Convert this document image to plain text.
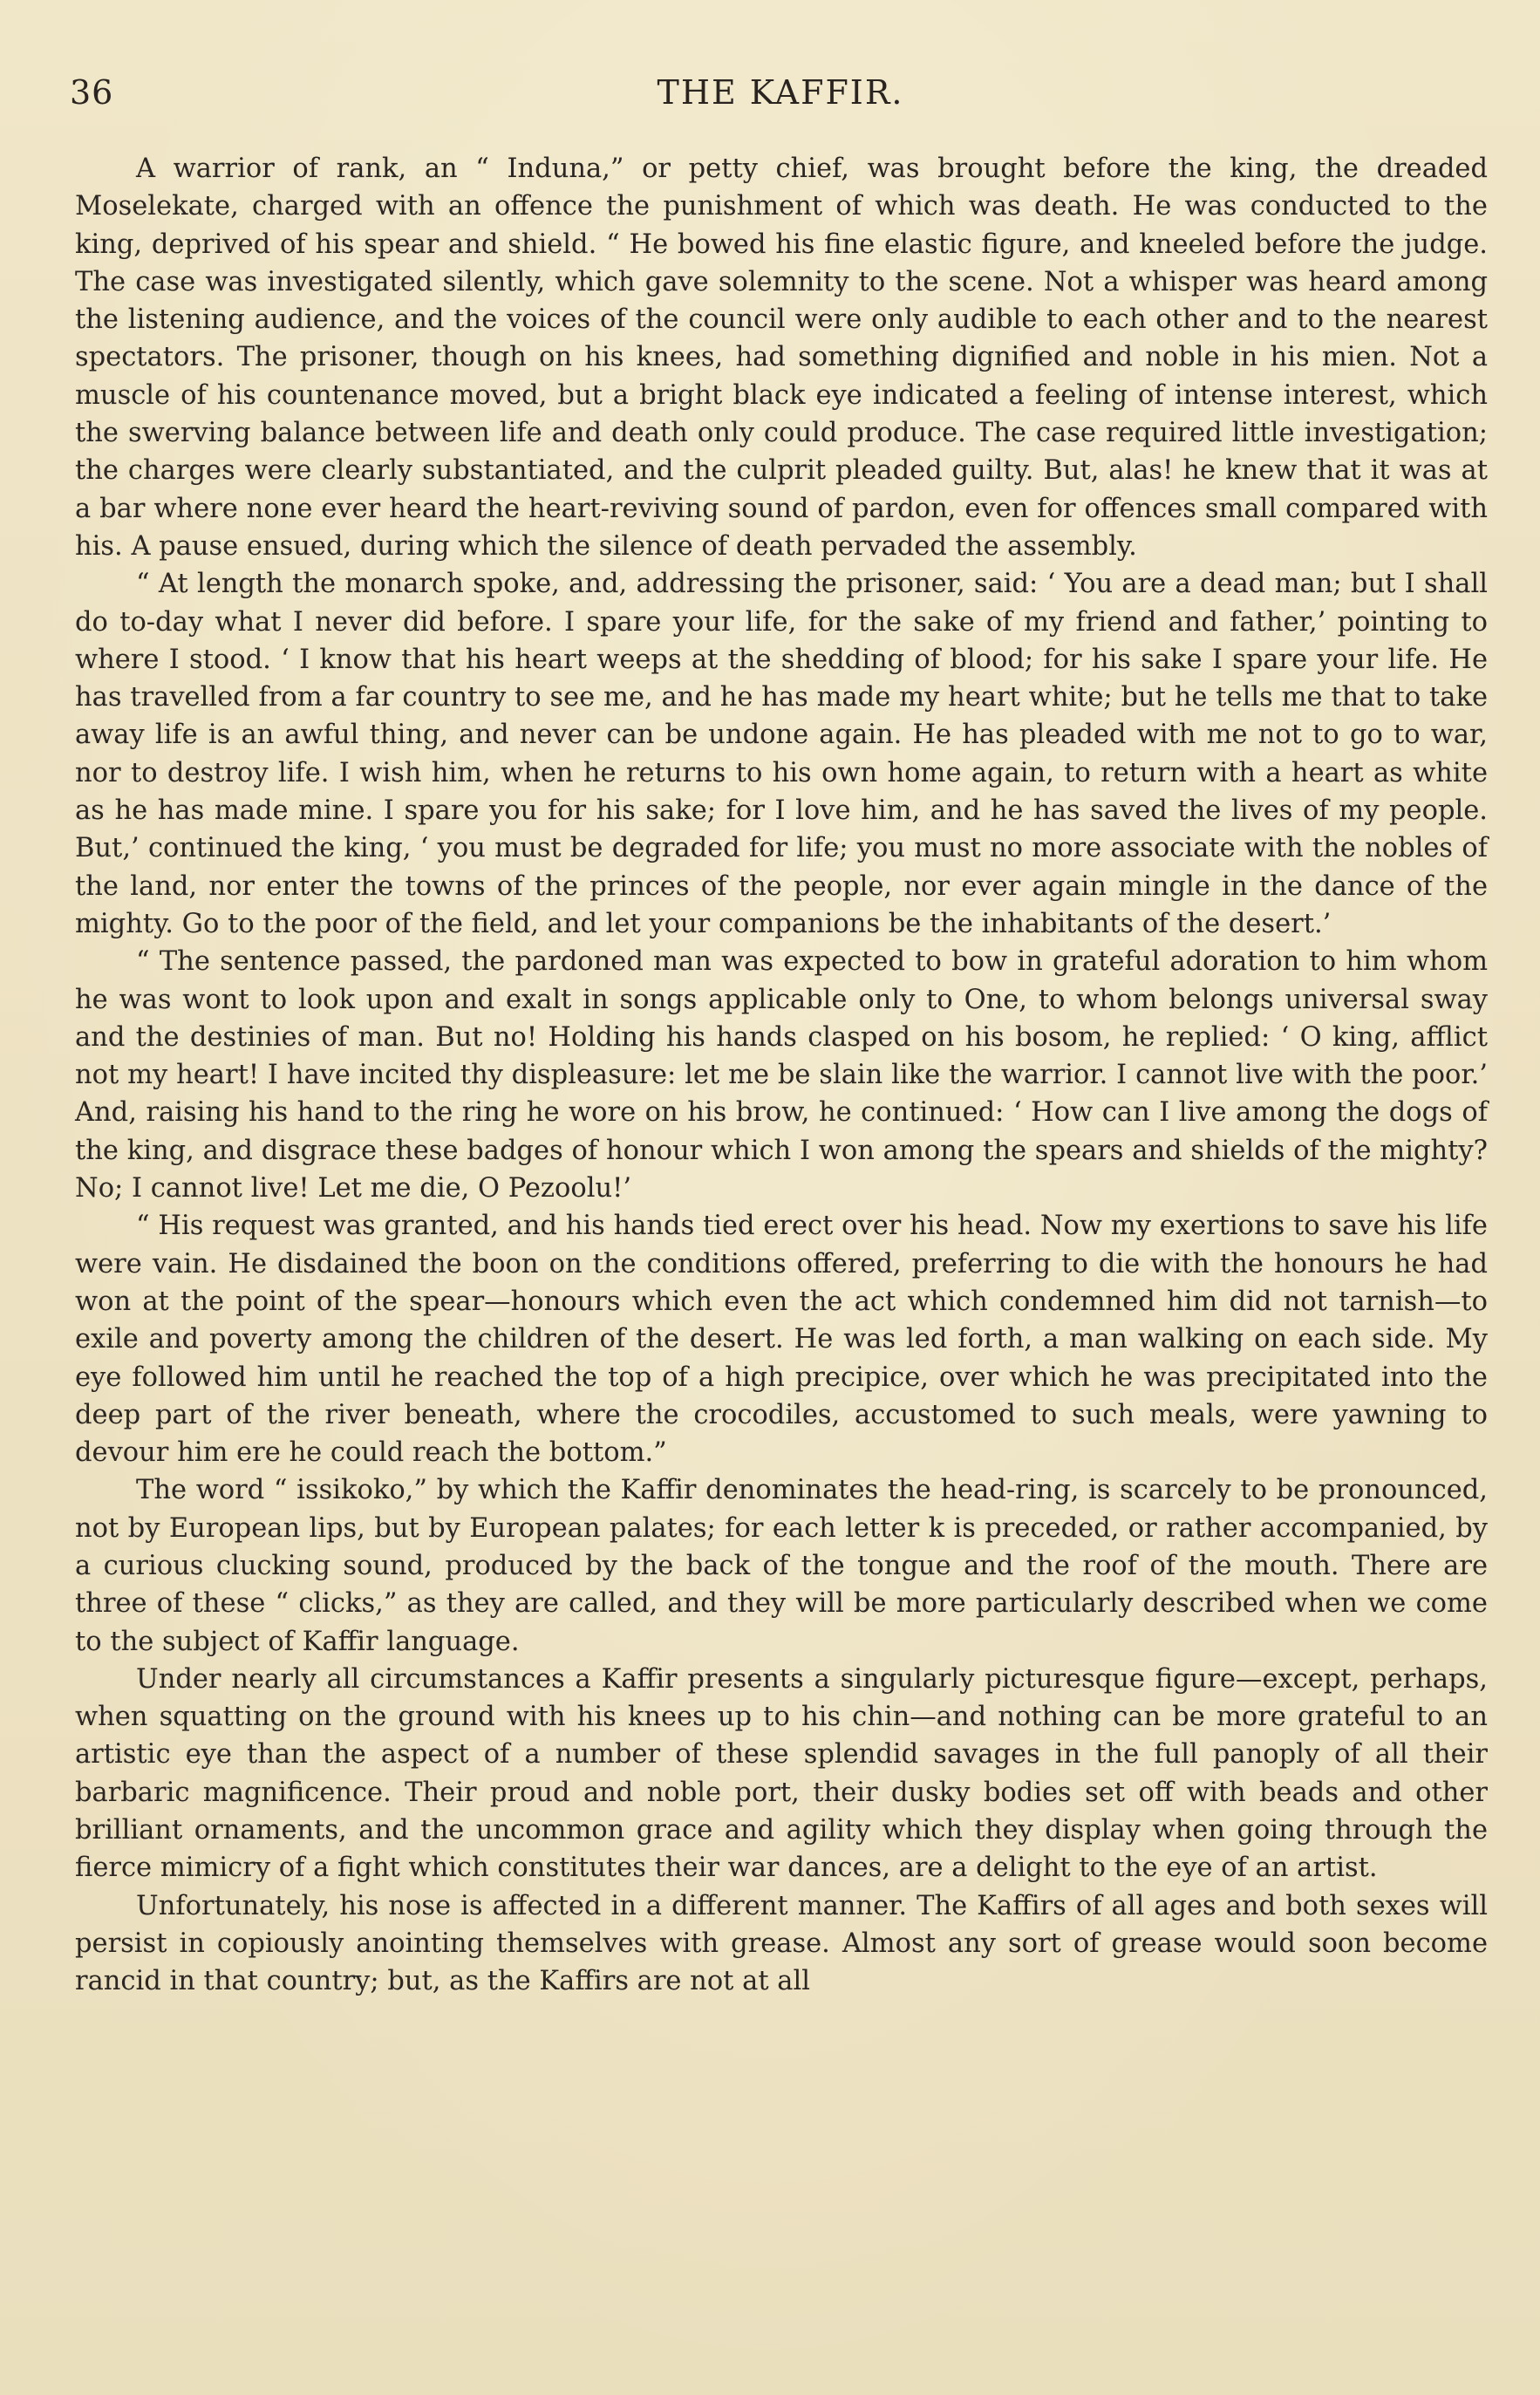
36	THE KAFFIR.

A warrior of rank, an “ Induna,” or petty chief, was brought before the king, the dreaded Moselekate, charged with an offence the punishment of which was death. He was conducted to the king, deprived of his spear and shield. “ He bowed his fine elastic figure, and kneeled before the judge. The case was investigated silently, which gave solemnity to the scene. Not a whisper was heard among the listening audience, and the voices of the council were only audible to each other and to the nearest spectators. The prisoner, though on his knees, had something dignified and noble in his mien. Not a muscle of his countenance moved, but a bright black eye indicated a feeling of intense interest, which the swerving balance between life and death only could produce. The case required little investigation; the charges were clearly substantiated, and the culprit pleaded guilty. But, alas! he knew that it was at a bar where none ever heard the heart-reviving sound of pardon, even for offences small compared with his. A pause ensued, during which the silence of death pervaded the assembly.

“ At length the monarch spoke, and, addressing the prisoner, said: ‘ You are a dead man; but I shall do to-day what I never did before. I spare your life, for the sake of my friend and father,’ pointing to where I stood. ‘ I know that his heart weeps at the shedding of blood; for his sake I spare your life. He has travelled from a far country to see me, and he has made my heart white; but he tells me that to take away life is an awful thing, and never can be undone again. He has pleaded with me not to go to war, nor to destroy life. I wish him, when he returns to his own home again, to return with a heart as white as he has made mine. I spare you for his sake; for I love him, and he has saved the lives of my people. But,’ continued the king, ‘ you must be degraded for life; you must no more associate with the nobles of the land, nor enter the towns of the princes of the people, nor ever again mingle in the dance of the mighty. Go to the poor of the field, and let your companions be the inhabitants of the desert.’

“ The sentence passed, the pardoned man was expected to bow in grateful adoration to him whom he was wont to look upon and exalt in songs applicable only to One, to whom belongs universal sway and the destinies of man. But no! Holding his hands clasped on his bosom, he replied: ‘ O king, afflict not my heart! I have incited thy displeasure: let me be slain like the warrior. I cannot live with the poor.’ And, raising his hand to the ring he wore on his brow, he continued: ‘ How can I live among the dogs of the king, and disgrace these badges of honour which I won among the spears and shields of the mighty? No; I cannot live! Let me die, O Pezoolu!’

“ His request was granted, and his hands tied erect over his head. Now my exertions to save his life were vain. He disdained the boon on the conditions offered, preferring to die with the honours he had won at the point of the spear—honours which even the act which condemned him did not tarnish—to exile and poverty among the children of the desert. He was led forth, a man walking on each side. My eye followed him until he reached the top of a high precipice, over which he was precipitated into the deep part of the river beneath, where the crocodiles, accustomed to such meals, were yawning to devour him ere he could reach the bottom.”

The word “ issikoko,” by which the Kaffir denominates the head-ring, is scarcely to be pronounced, not by European lips, but by European palates; for each letter k is preceded, or rather accompanied, by a curious clucking sound, produced by the back of the tongue and the roof of the mouth. There are three of these “ clicks,” as they are called, and they will be more particularly described when we come to the subject of Kaffir language.

Under nearly all circumstances a Kaffir presents a singularly picturesque figure—except, perhaps, when squatting on the ground with his knees up to his chin—and nothing can be more grateful to an artistic eye than the aspect of a number of these splendid savages in the full panoply of all their barbaric magnificence. Their proud and noble port, their dusky bodies set off with beads and other brilliant ornaments, and the uncommon grace and agility which they display when going through the fierce mimicry of a fight which constitutes their war dances, are a delight to the eye of an artist.

Unfortunately, his nose is affected in a different manner. The Kaffirs of all ages and both sexes will persist in copiously anointing themselves with grease. Almost any sort of grease would soon become rancid in that country; but, as the Kaffirs are not at all
